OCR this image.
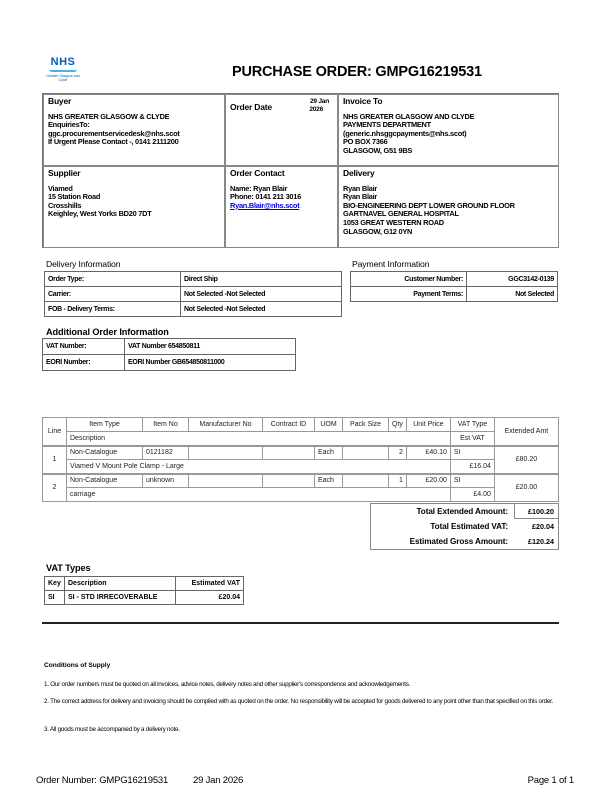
NHS
Greater Glasgow and Clyde	PURCHASE ORDER: GMPG16219531
Buyer
NHS GREATER GLASGOW & CLYDE
EnquiriesTo:
ggc.procurementservicedesk@nhs.scot
If Urgent Please Contact -, 0141 2111200
Order Date
29 Jan
2026
Invoice To
NHS GREATER GLASGOW AND CLYDE
PAYMENTS DEPARTMENT
(generic.nhsggcpayments@nhs.scot)
PO BOX 7366
GLASGOW, G51 9BS
Supplier
Viamed
15 Station Road
Crosshills
Keighley, West Yorks BD20 7DT
Order Contact
Name: Ryan Blair
Phone: 0141 211 3016
Ryan.Blair@nhs.scot
Delivery
Ryan Blair
Ryan Blair
BIO-ENGINEERING DEPT LOWER GROUND FLOOR
GARTNAVEL GENERAL HOSPITAL
1053 GREAT WESTERN ROAD
GLASGOW, G12 0YN
Delivery Information
Order Type:	Direct Ship
Carrier:	Not Selected -Not Selected
FOB - Delivery Terms:	Not Selected -Not Selected
Payment Information
Customer Number:	GGC3142-0139
Payment Terms:	Not Selected
Additional Order Information
VAT Number:	VAT Number 654850811
EORI Number:	EORI Number GB654850811000
Line	Item Type	Item No	Manufacturer No	Contract ID	UOM	Pack Size	Qty	Unit Price	VAT Type	Extended Amt
	Description								Est VAT	
1	Non-Catalogue	0121182			Each		2	£40.10	SI	£80.20
	Viamed V Mount Pole Clamp - Large								£16.04	
2	Non-Catalogue	unknown			Each		1	£20.00	SI	£20.00
	carriage								£4.00	
Total Extended Amount:	£100.20
Total Estimated VAT:	£20.04
Estimated Gross Amount:	£120.24
VAT Types
Key	Description	Estimated VAT
SI	SI - STD IRRECOVERABLE	£20.04
Conditions of Supply
1. Our order numbers must be quoted on all invoices, advice notes, delivery notes and other supplier's correspondence and acknowledgements.
2. The correct address for delivery and invoicing should be complied with as quoted on the order. No responsibility will be accepted for goods delivered to any point other than that specified on this order.
3. All goods must be accompanied by a delivery note.
Order Number: GMPG16219531	29 Jan 2026	Page 1 of 1
